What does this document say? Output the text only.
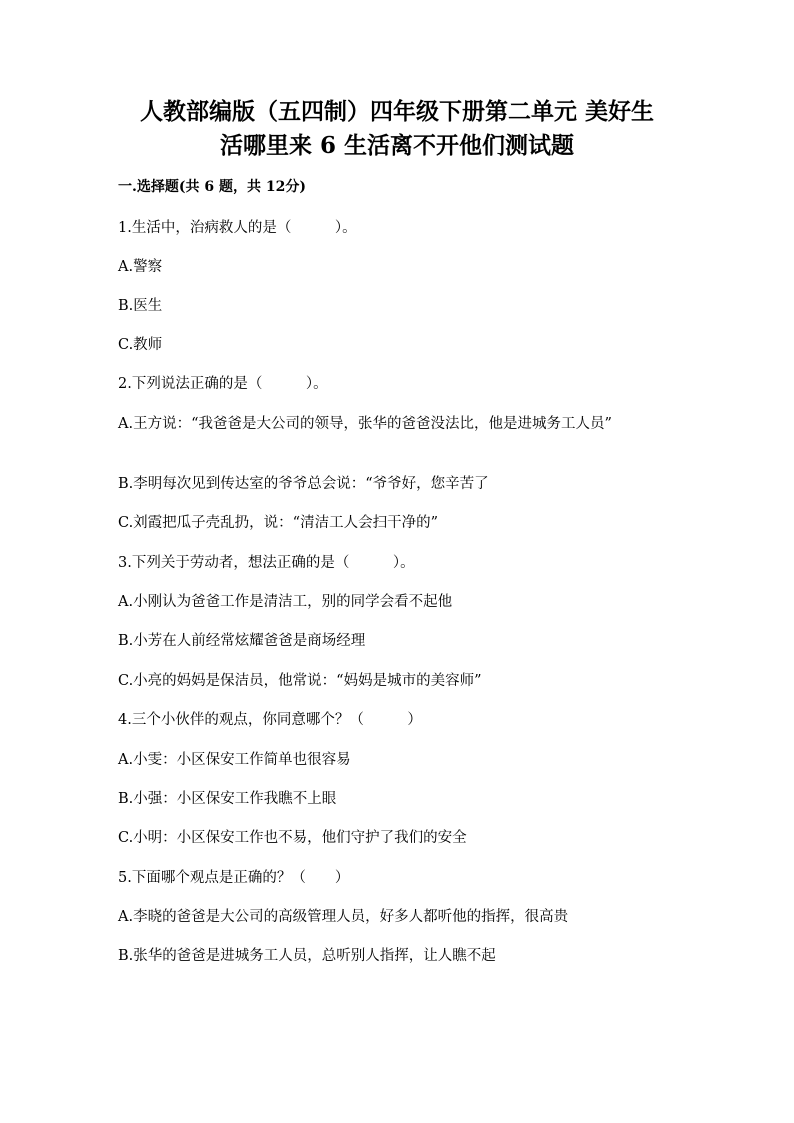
人教部编版（五四制）四年级下册第二单元 美好生
活哪里来 6 生活离不开他们测试题
一.选择题(共 6 题，共 12分)
1.生活中，治病救人的是（　　　）。
A.警察
B.医生
C.教师
2.下列说法正确的是（　　　）。
A.王方说：“我爸爸是大公司的领导，张华的爸爸没法比，他是进城务工人员”
B.李明每次见到传达室的爷爷总会说：“爷爷好，您辛苦了
C.刘霞把瓜子壳乱扔，说：“清洁工人会扫干净的”
3.下列关于劳动者，想法正确的是（　　　）。
A.小刚认为爸爸工作是清洁工，别的同学会看不起他
B.小芳在人前经常炫耀爸爸是商场经理
C.小亮的妈妈是保洁员，他常说：“妈妈是城市的美容师”
4.三个小伙伴的观点，你同意哪个？（　　　）
A.小雯：小区保安工作简单也很容易
B.小强：小区保安工作我瞧不上眼
C.小明：小区保安工作也不易，他们守护了我们的安全
5.下面哪个观点是正确的？（　　）
A.李晓的爸爸是大公司的高级管理人员，好多人都听他的指挥，很高贵
B.张华的爸爸是进城务工人员，总听别人指挥，让人瞧不起
